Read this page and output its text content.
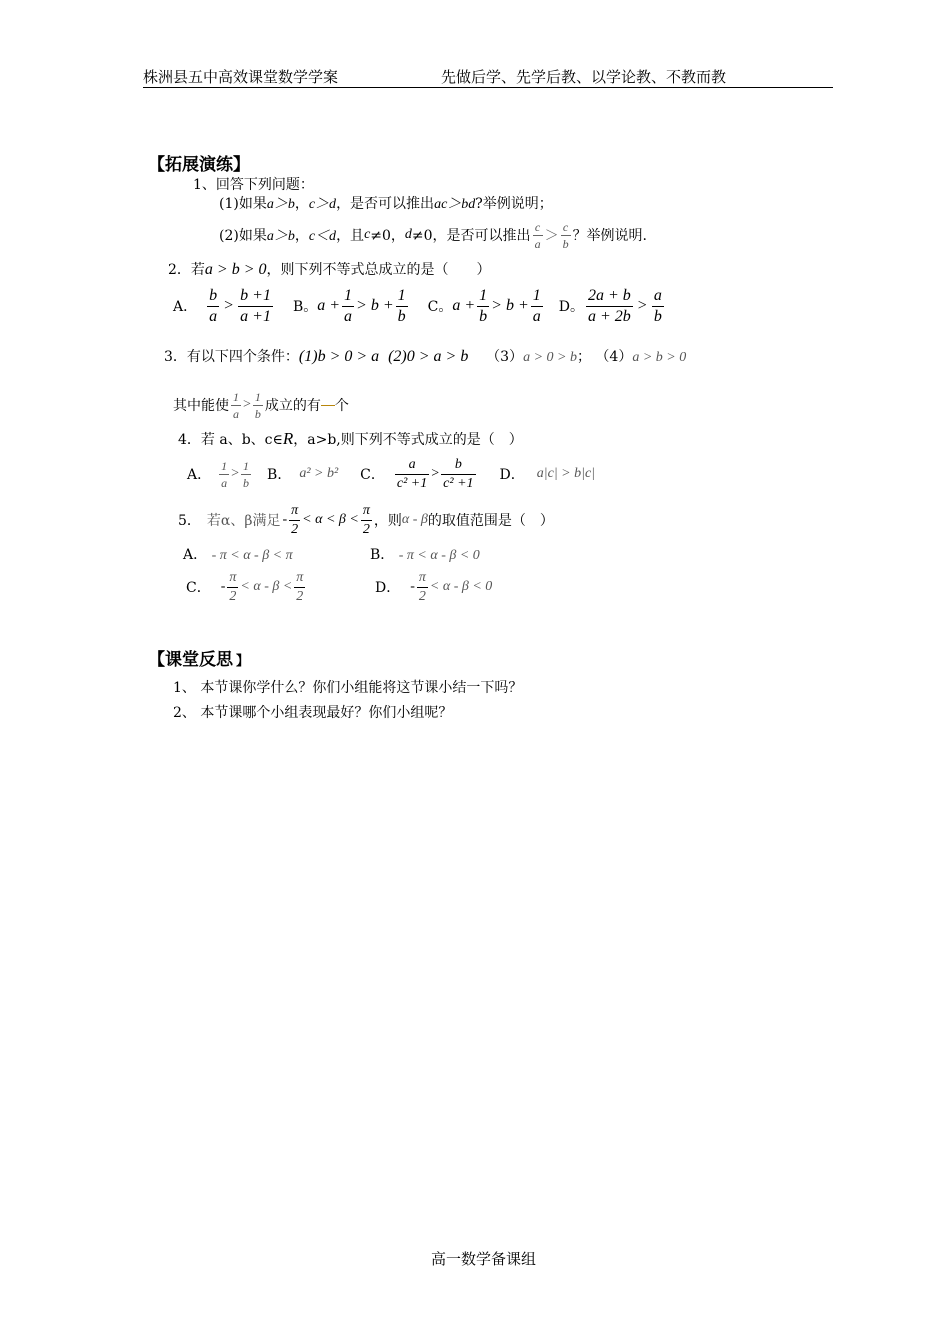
株洲县五中高效课堂数学学案	先做后学、先学后教、以学论教、不教而教
【拓展演练】
1、回答下列问题：
(1)如果a＞b，c＞d，是否可以推出ac＞bd?举例说明；
(2)如果 a＞b ， c＜d ，且 c ≠0， d ≠0，是否可以推出 $\frac{c}{a} > \frac{c}{b}$ ？举例说明.
2．若a > b > 0，则下列不等式总成立的是（　　）
A． $\frac{b}{a} > \frac{b +1}{a +1}$ B。 $a + \frac{1}{a} > b + \frac{1}{b}$ C。 $a + \frac{1}{b} > b + \frac{1}{a}$ D。 $\frac{2a + b}{a + 2b} > \frac{a}{b}$
3．有以下四个条件：(1)b > 0 > a (2)0 > a > b （3）a > 0 > b； （4）a > b > 0
其中能使 $\frac{1}{a} > \frac{1}{b}$ 成立的有 个
4．若 a、b、c∈R，a>b,则下列不等式成立的是（　）
A． $\frac{1}{a} > \frac{1}{b}$ B． a² > b² C． $\frac{a}{\text{c² +1}} > \frac{b}{\text{c² +1}}$ D． a|c| > b|c|
5． 若α、β满足 - $\frac{\pi}{2} < \alpha < \beta < \frac{\pi}{2}$ ，则 α - β 的取值范围是（　）
A． - π < α - β < π	B． - π < α - β < 0
C． - $\frac{\pi}{2} < \alpha - \beta < \frac{\pi}{2}$	D． - $\frac{\pi}{2} < \alpha - \beta < 0$
【课堂反思 】
1、 本节课你学什么？你们小组能将这节课小结一下吗？
2、 本节课哪个小组表现最好？你们小组呢？
高一数学备课组
